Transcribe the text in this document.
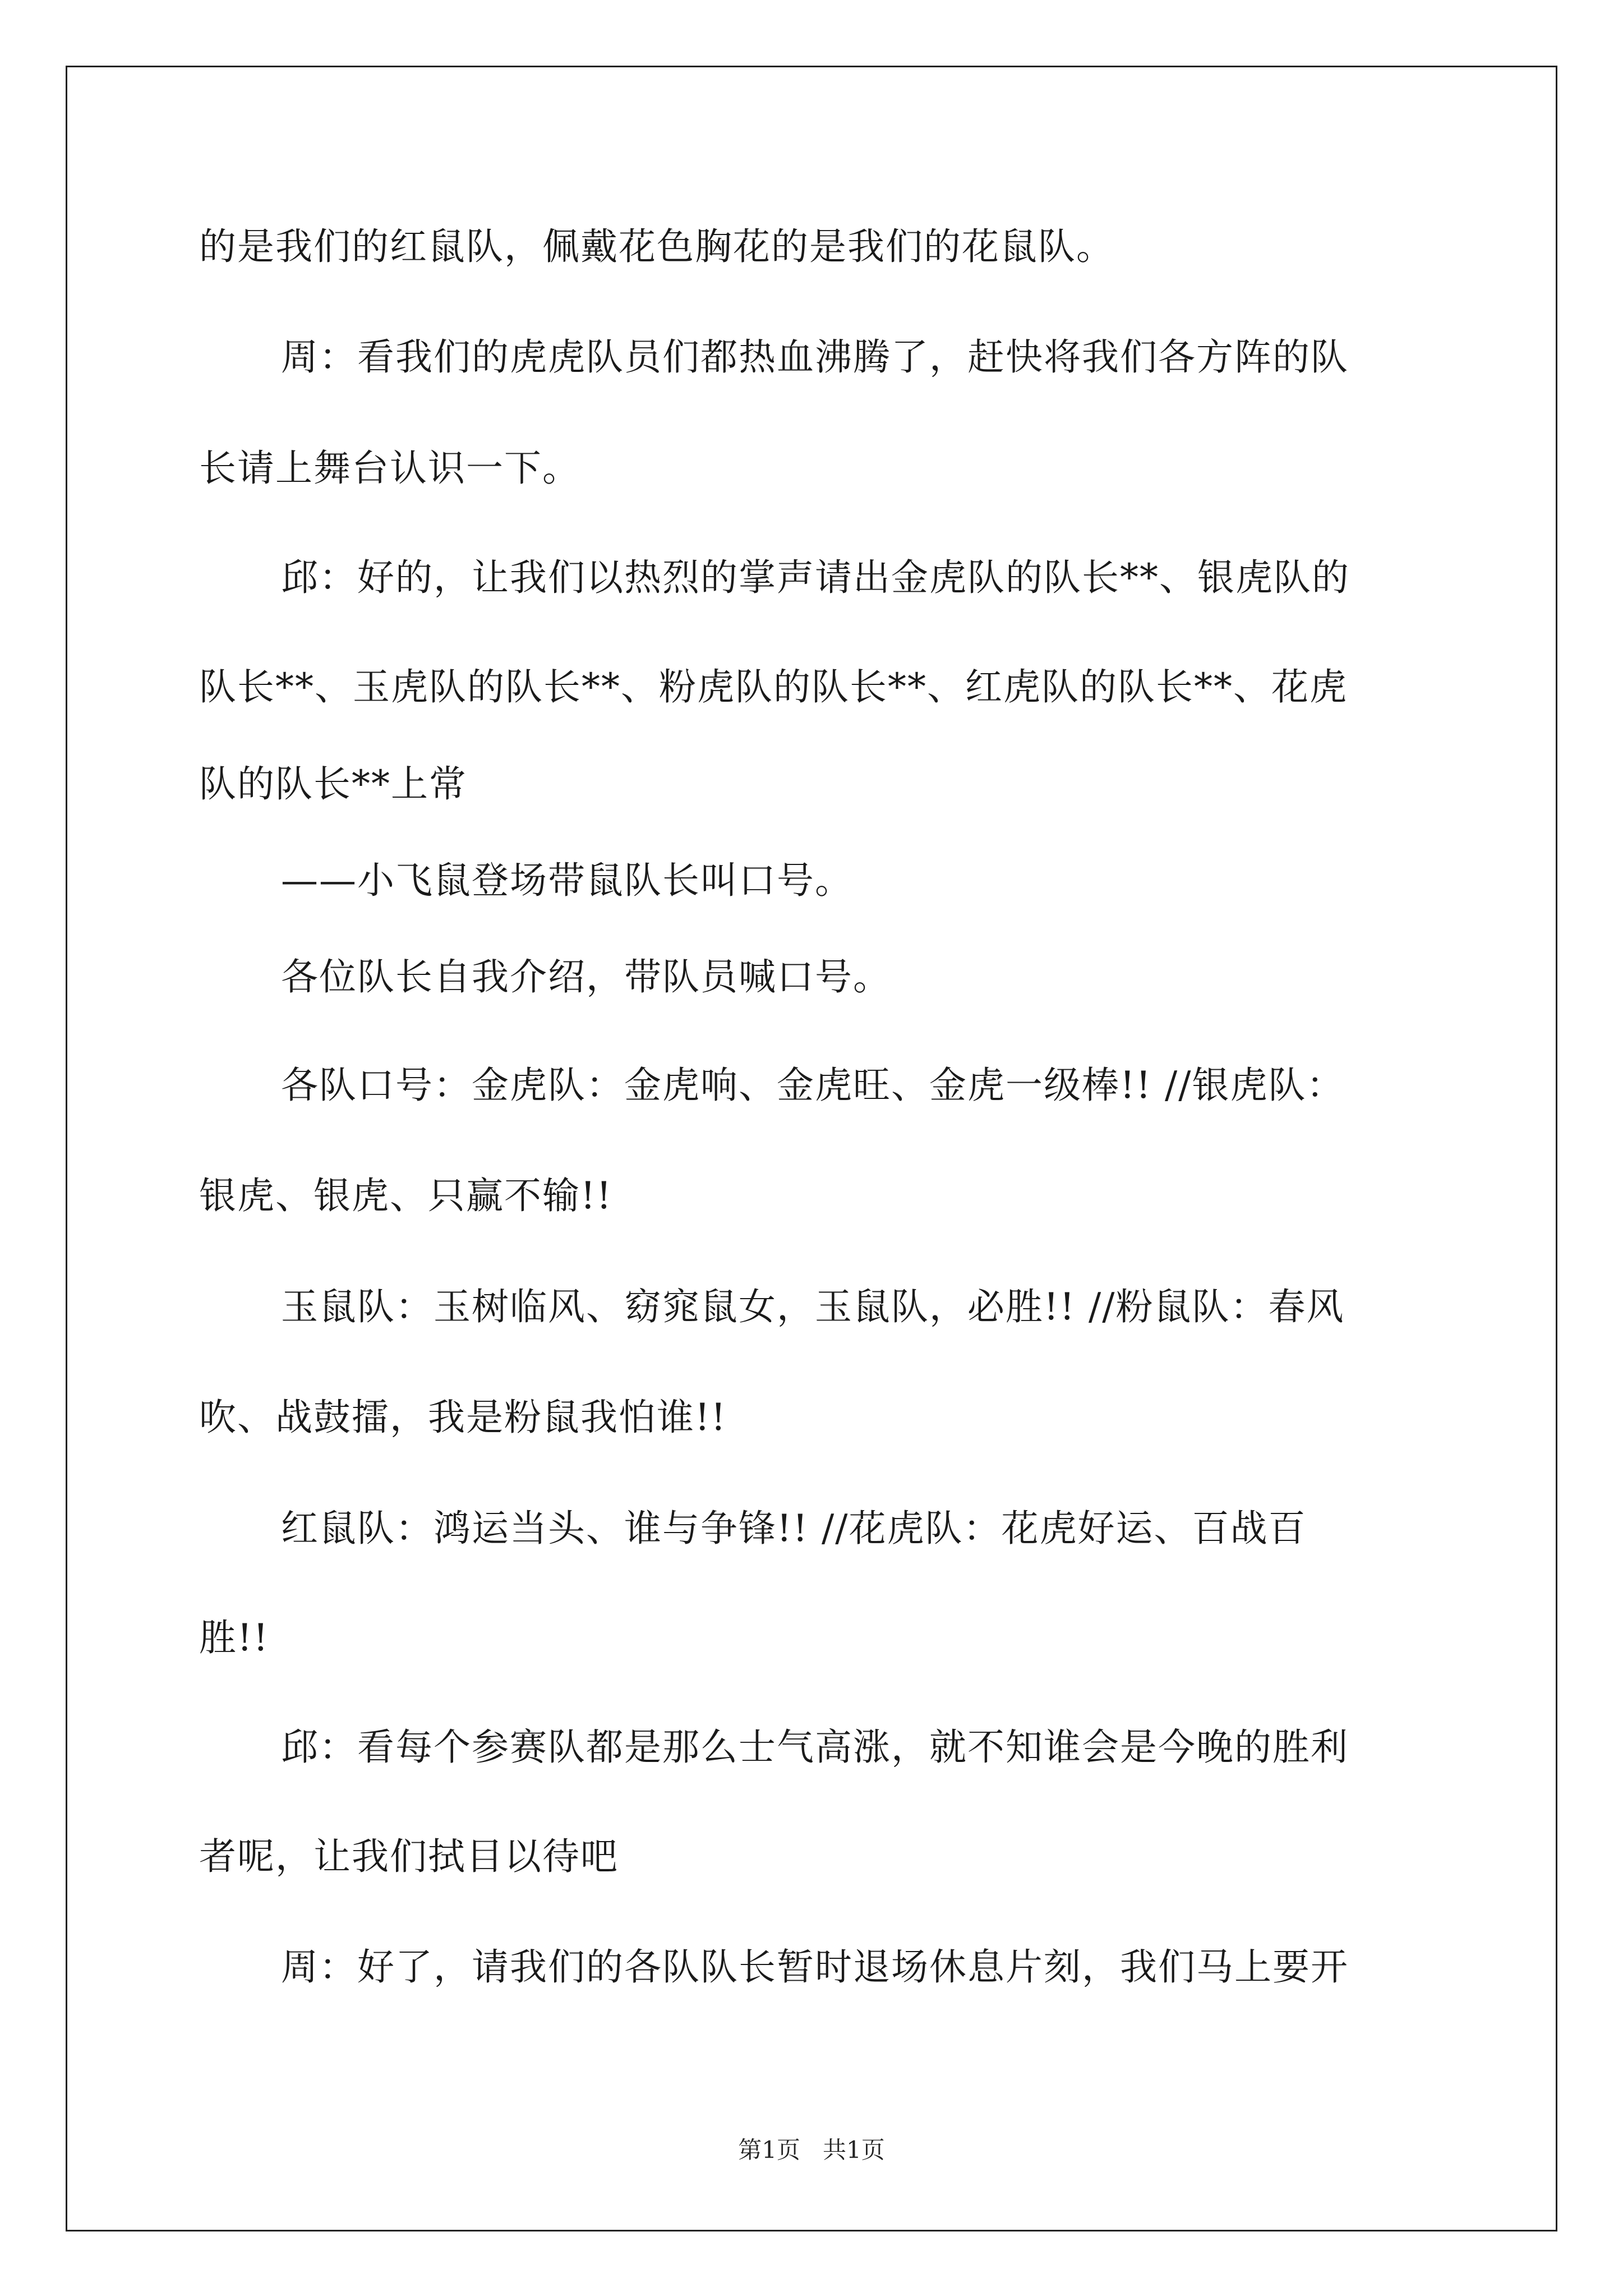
的是我们的红鼠队，佩戴花色胸花的是我们的花鼠队。
周：看我们的虎虎队员们都热血沸腾了，赶快将我们各方阵的队
长请上舞台认识一下。
邱：好的，让我们以热烈的掌声请出金虎队的队长**、银虎队的
队长**、玉虎队的队长**、粉虎队的队长**、红虎队的队长**、花虎
队的队长**上常
——小飞鼠登场带鼠队长叫口号。
各位队长自我介绍，带队员喊口号。
各队口号：金虎队：金虎响、金虎旺、金虎一级棒!! //银虎队：
银虎、银虎、只赢不输!!
玉鼠队：玉树临风、窈窕鼠女，玉鼠队，必胜!! //粉鼠队：春风
吹、战鼓擂，我是粉鼠我怕谁!!
红鼠队：鸿运当头、谁与争锋!! //花虎队：花虎好运、百战百
胜!!
邱：看每个参赛队都是那么士气高涨，就不知谁会是今晚的胜利
者呢，让我们拭目以待吧
周：好了，请我们的各队队长暂时退场休息片刻，我们马上要开
第1页   共1页
